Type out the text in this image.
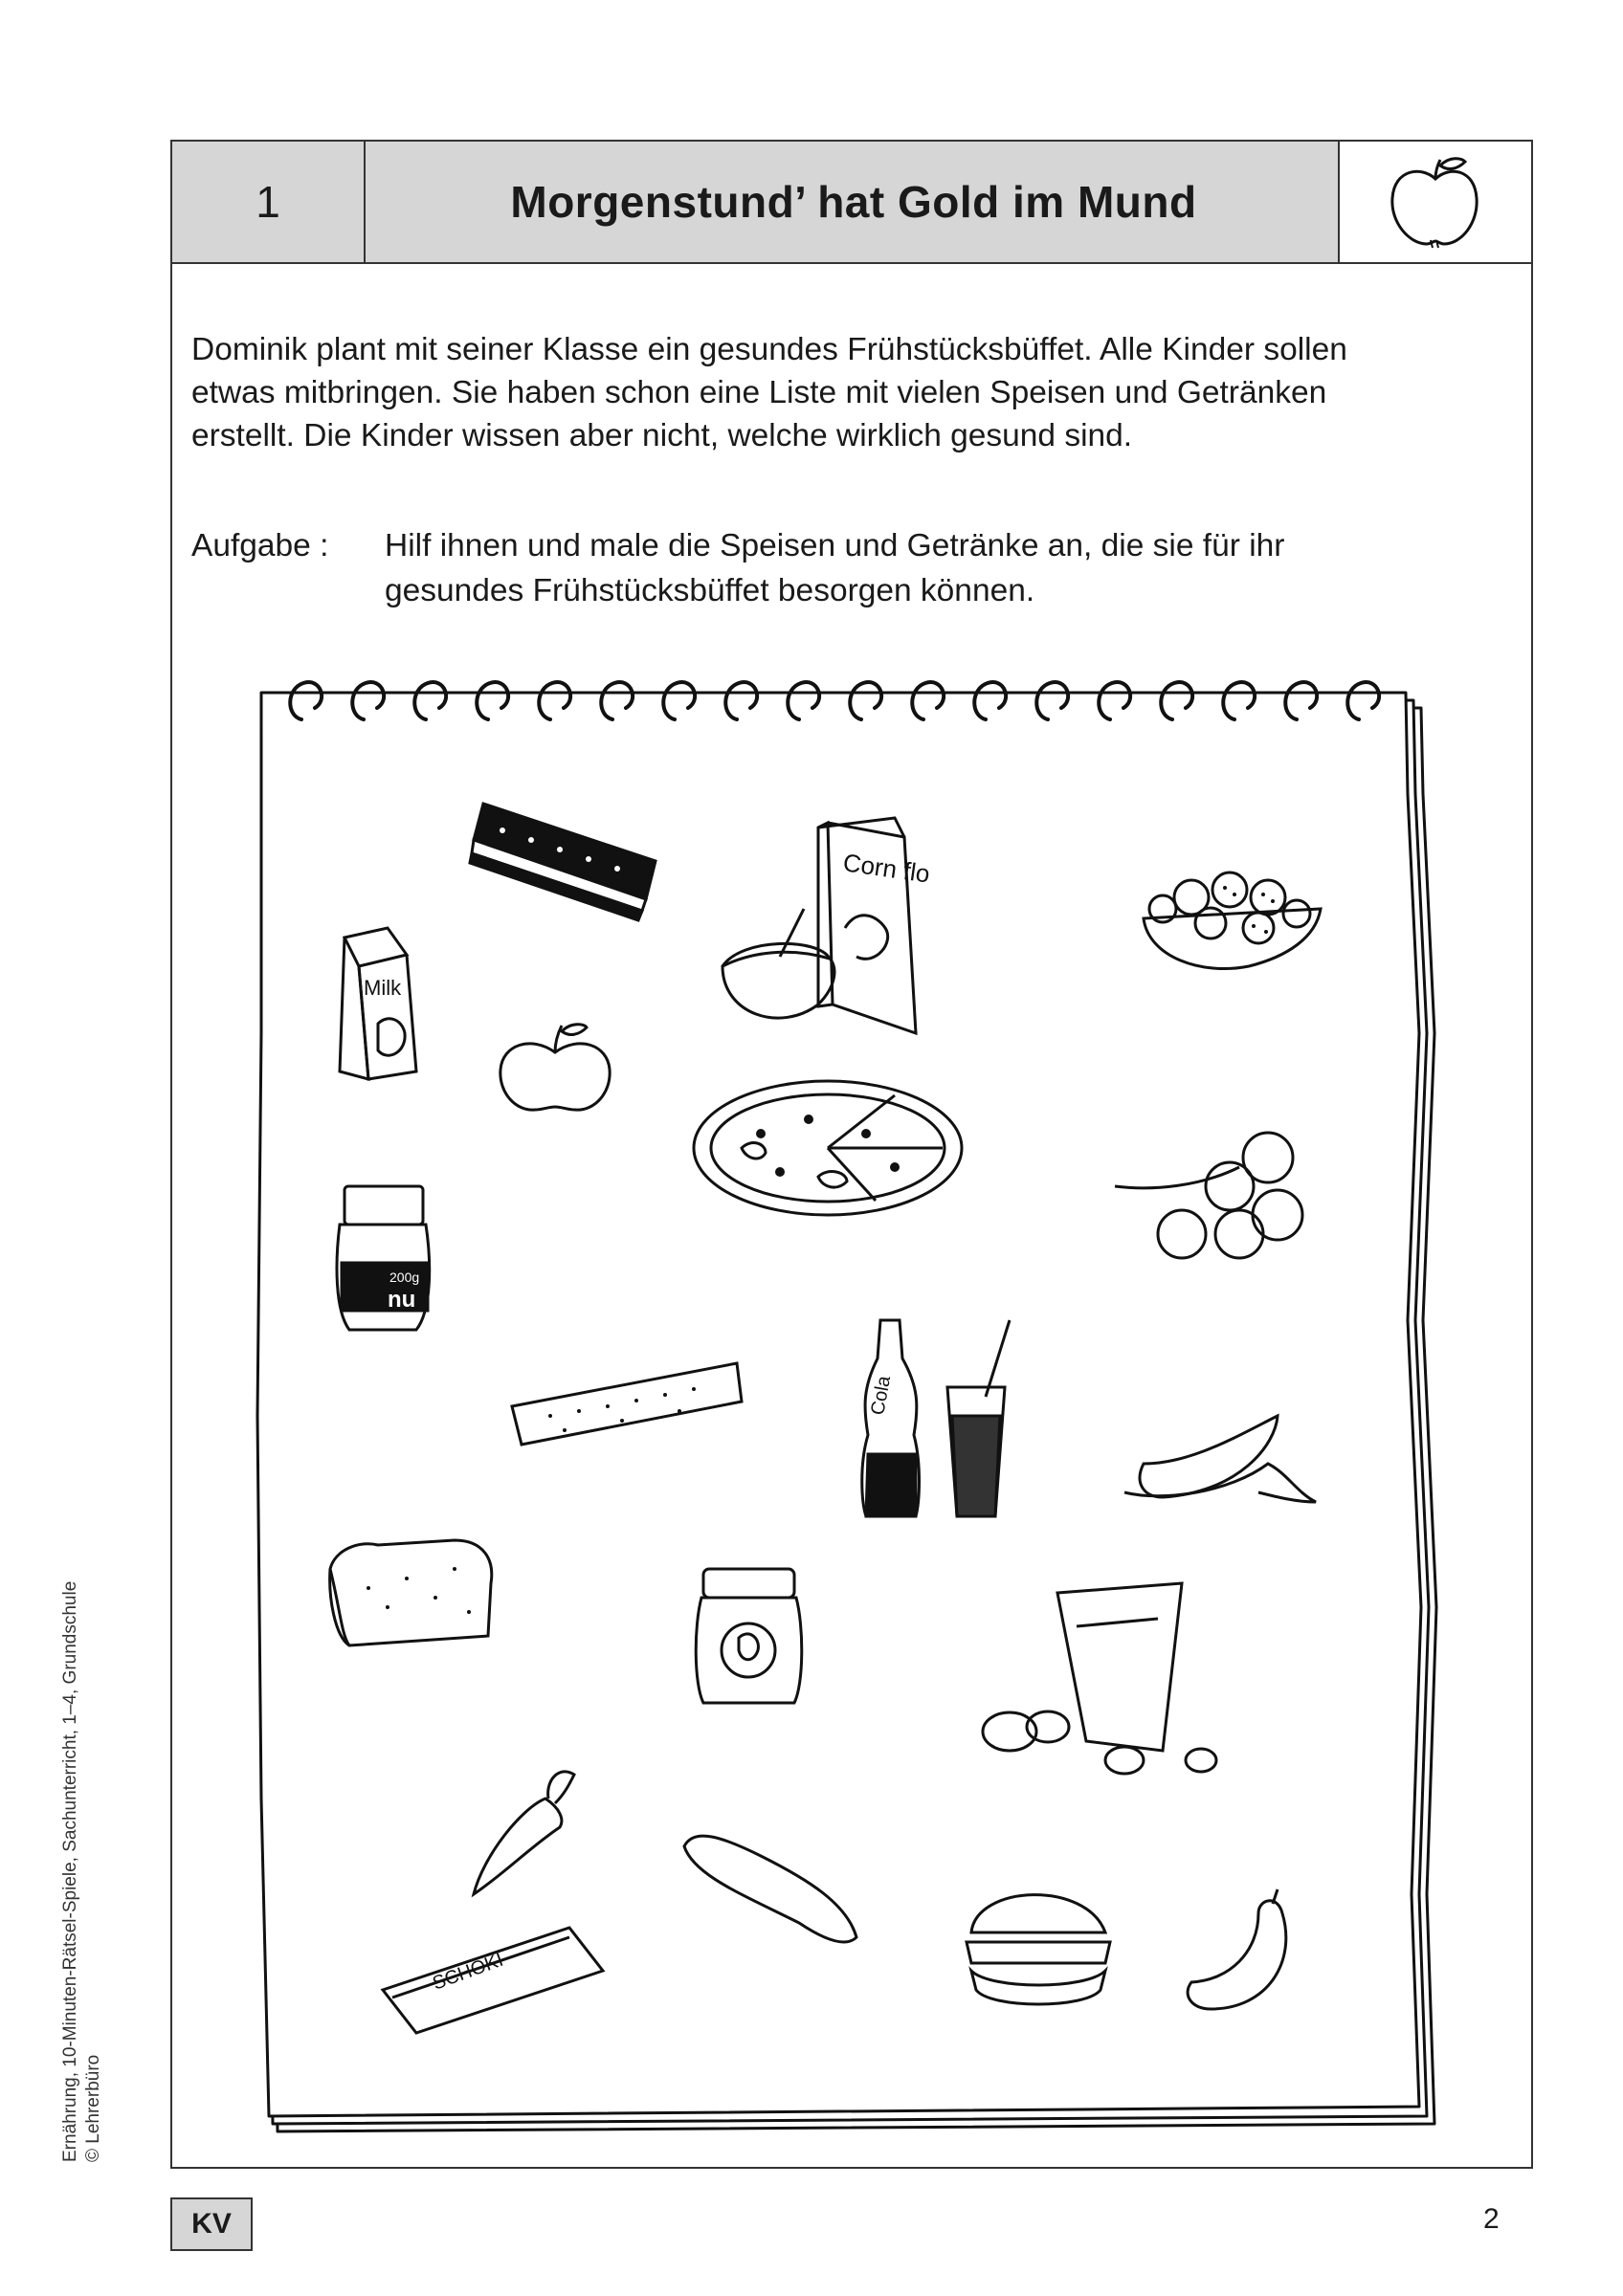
1	Morgenstund’ hat Gold im Mund
Dominik plant mit seiner Klasse ein gesundes Frühstücksbüffet. Alle Kinder sollen
etwas mitbringen. Sie haben schon eine Liste mit vielen Speisen und Getränken
erstellt. Die Kinder wissen aber nicht, welche wirklich gesund sind.
Aufgabe : Hilf ihnen und male die Speisen und Getränke an, die sie für ihr
gesundes Frühstücksbüffet besorgen können.
Milk
Corn flo
200g
nu
Cola
SCHOKI
Ernährung, 10-Minuten-Rätsel-Spiele, Sachunterricht, 1–4, Grundschule © Lehrerbüro
KV	2
